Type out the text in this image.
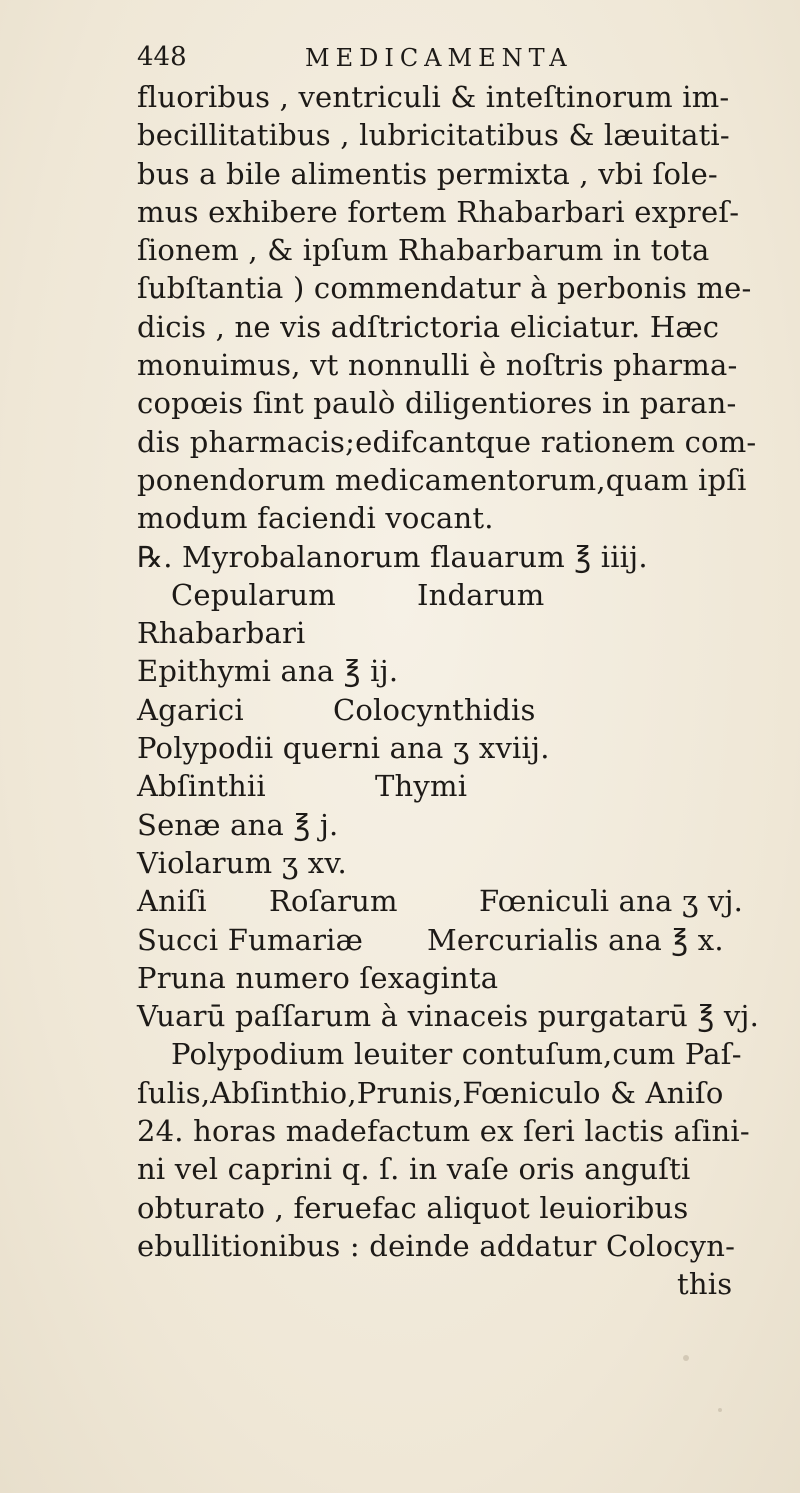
448	MEDICAMENTA
fluoribus , ventriculi & inteſtinorum im-
becillitatibus , lubricitatibus & læuitati-
bus a bile alimentis permixta , vbi ſole-
mus exhibere fortem Rhabarbari expreſ-
ſionem , & ipſum Rhabarbarum in tota
ſubſtantia ) commendatur à perbonis me-
dicis , ne vis adſtrictoria eliciatur. Hæc
monuimus, vt nonnulli è noſtris pharma-
copœis ſint paulò diligentiores in paran-
dis pharmacis;edifcantque rationem com-
ponendorum medicamentorum,quam ipſi
modum faciendi vocant.
℞. Myrobalanorum flauarum ℥ iiij.
Cepularum	Indarum
Rhabarbari
Epithymi ana ℥ ij.
Agarici	Colocynthidis
Polypodii querni ana ʒ xviij.
Abſinthii	Thymi
Senæ ana ℥ j.
Violarum ʒ xv.
Aniſi Roſarum	Fœniculi ana ʒ vj.
Succi Fumariæ Mercurialis ana ℥ x.
Pruna numero ſexaginta
Vuarū paſſarum à vinaceis purgatarū ℥ vj.
Polypodium leuiter contuſum,cum Paſ-
ſulis,Abſinthio,Prunis,Fœniculo & Aniſo
24. horas madefactum ex ſeri lactis aſini-
ni vel caprini q. ſ. in vaſe oris anguſti
obturato , feruefac aliquot leuioribus
ebullitionibus : deinde addatur Colocyn-
this
